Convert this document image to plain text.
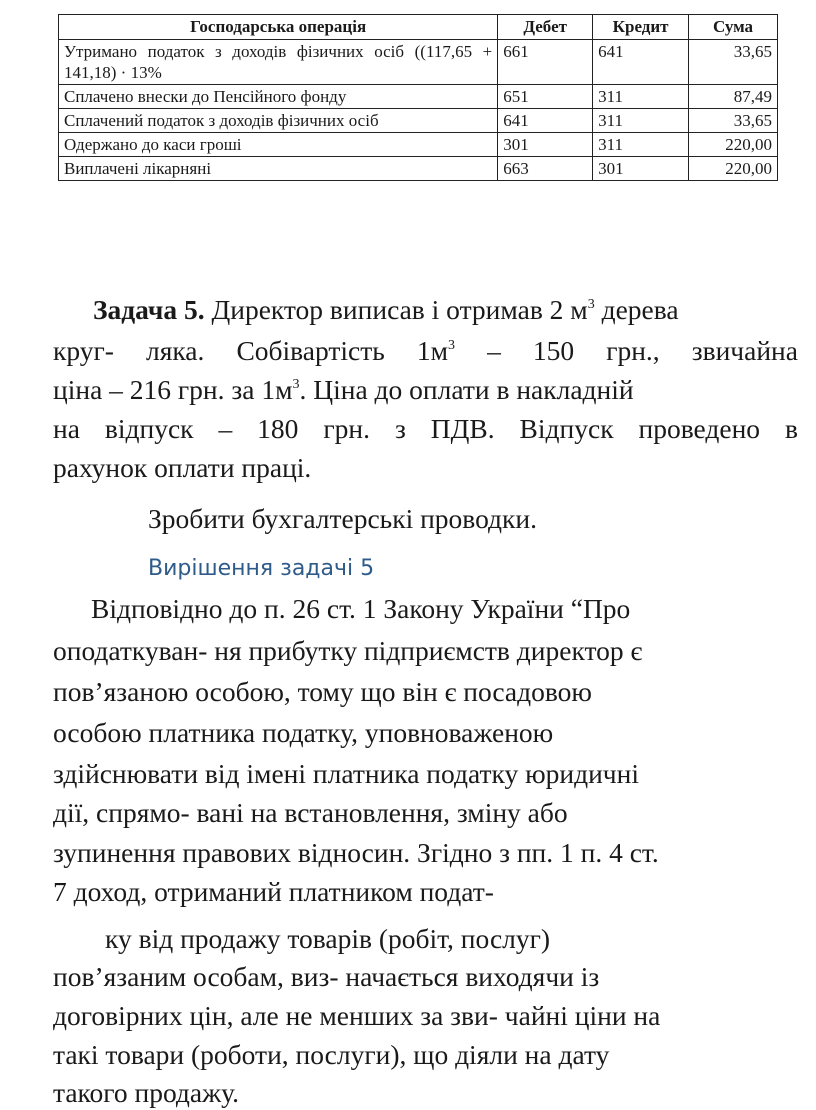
Господарська операція	Дебет	Кредит	Сума
Утримано податок з доходів фізичних осіб ((117,65 + 141,18) · 13%	661	641	33,65
Сплачено внески до Пенсійного фонду	651	311	87,49
Сплачений податок з доходів фізичних осіб	641	311	33,65
Одержано до каси гроші	301	311	220,00
Виплачені лікарняні	663	301	220,00
Задача 5. Директор виписав і отримав 2 $м^3$ дерева
круг- ляка. Собівартість $1м^3 - 150$ грн., звичайна
ціна – 216 грн. за $1м^3$. Ціна до оплати в накладній
на відпуск – 180 грн. з ПДВ. Відпуск проведено в
рахунок оплати праці.
Зробити бухгалтерські проводки.
Вирішення задачі 5
Відповідно до п. 26 ст. 1 Закону України “Про
оподаткуван- ня прибутку підприємств директор є
пов’язаною особою, тому що він є посадовою
особою платника податку, уповноваженою
здійснювати від імені платника податку юридичні
дії, спрямо- вані на встановлення, зміну або
зупинення правових відносин. Згідно з пп. 1 п. 4 ст.
7 доход, отриманий платником подат-
ку від продажу товарів (робіт, послуг)
пов’язаним особам, виз- начається виходячи із
договірних цін, але не менших за зви- чайні ціни на
такі товари (роботи, послуги), що діяли на дату
такого продажу.
